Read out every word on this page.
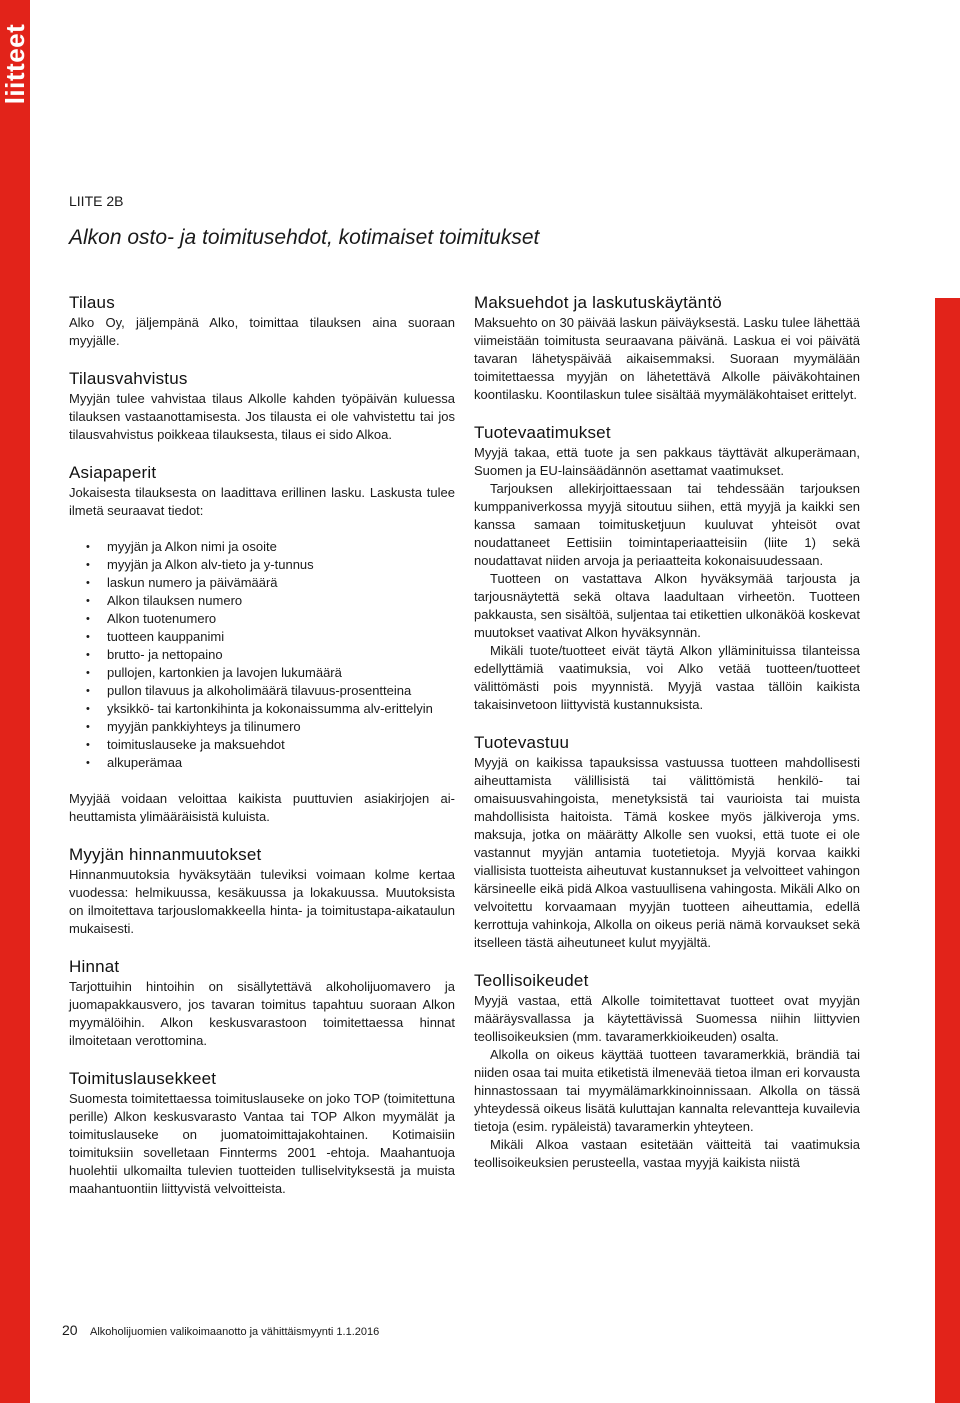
liitteet
LIITE 2B
Alkon osto- ja toimitusehdot, kotimaiset toimitukset
Tilaus

Alko Oy, jäljempänä Alko, toimittaa tilauksen aina suoraan myyjälle.

Tilausvahvistus

Myyjän tulee vahvistaa tilaus Alkolle kahden työpäivän kuluessa tilauksen vastaanottamisesta. Jos tilausta ei ole vahvistettu tai jos tilausvahvistus poikkeaa tilauksesta, tilaus ei sido Alkoa.

Asiapaperit

Jokaisesta tilauksesta on laadittava erillinen lasku. Laskusta tulee ilmetä seuraavat tiedot:

• myyjän ja Alkon nimi ja osoite
• myyjän ja Alkon alv-tieto ja y-tunnus
• laskun numero ja päivämäärä
• Alkon tilauksen numero
• Alkon tuotenumero
• tuotteen kauppanimi
• brutto- ja nettopaino
• pullojen, kartonkien ja lavojen lukumäärä
• pullon tilavuus ja alkoholimäärä tilavuus-prosentteina
• yksikkö- tai kartonkihinta ja kokonaissumma alv-erittelyin
• myyjän pankkiyhteys ja tilinumero
• toimituslauseke ja maksuehdot
• alkuperämaa

Myyjää voidaan veloittaa kaikista puuttuvien asiakirjojen aiheuttamista ylimääräisistä kuluista.

Myyjän hinnanmuutokset

Hinnanmuutoksia hyväksytään tuleviksi voimaan kolme kertaa vuodessa: helmikuussa, kesäkuussa ja lokakuussa. Muutoksista on ilmoitettava tarjouslomakkeella hinta- ja toimitustapa-aikataulun mukaisesti.

Hinnat

Tarjottuihin hintoihin on sisällytettävä alkoholijuomavero ja juomapakkausvero, jos tavaran toimitus tapahtuu suoraan Alkon myymälöihin. Alkon keskusvarastoon toimitettaessa hinnat ilmoitetaan verottomina.

Toimituslausekkeet

Suomesta toimitettaessa toimituslauseke on joko TOP (toimitettuna perille) Alkon keskusvarasto Vantaa tai TOP Alkon myymälät ja toimituslauseke on juomatoimittajakohtainen. Kotimaisiin toimituksiin sovelletaan Finnterms 2001 -ehtoja. Maahantuoja huolehtii ulkomailta tulevien tuotteiden tulliselvityksestä ja muista maahantuontiin liittyvistä velvoitteista.

Maksuehdot ja laskutuskäytäntö

Maksuehto on 30 päivää laskun päiväyksestä. Lasku tulee lähettää viimeistään toimitusta seuraavana päivänä. Laskua ei voi päivätä tavaran lähetyspäivää aikaisemmaksi. Suoraan myymälään toimitettaessa myyjän on lähetettävä Alkolle päiväkohtainen koontilasku. Koontilaskun tulee sisältää myymäläkohtaiset erittelyt.

Tuotevaatimukset

Myyjä takaa, että tuote ja sen pakkaus täyttävät alkuperämaan, Suomen ja EU-lainsäädännön asettamat vaatimukset.

Tarjouksen allekirjoittaessaan tai tehdessään tarjouksen kumppaniverkossa myyjä sitoutuu siihen, että myyjä ja kaikki sen kanssa samaan toimitusketjuun kuuluvat yhteisöt ovat noudattaneet Eettisiin toimintaperiaatteisiin (liite 1) sekä noudattavat niiden arvoja ja periaatteita kokonaisuudessaan.

Tuotteen on vastattava Alkon hyväksymää tarjousta ja tarjousnäytettä sekä oltava laadultaan virheetön. Tuotteen pakkausta, sen sisältöä, suljentaa tai etikettien ulkonäköä koskevat muutokset vaativat Alkon hyväksynnän.

Mikäli tuote/tuotteet eivät täytä Alkon ylläminituissa tilanteissa edellyttämiä vaatimuksia, voi Alko vetää tuotteen/tuotteet välittömästi pois myynnistä. Myyjä vastaa tällöin kaikista takaisinvetoon liittyvistä kustannuksista.

Tuotevastuu

Myyjä on kaikissa tapauksissa vastuussa tuotteen mahdollisesti aiheuttamista välillisistä tai välittömistä henkilö- tai omaisuusvahingoista, menetyksistä tai vaurioista tai muista mahdollisista haitoista. Tämä koskee myös jälkiveroja yms. maksuja, jotka on määrätty Alkolle sen vuoksi, että tuote ei ole vastannut myyjän antamia tuotetietoja. Myyjä korvaa kaikki viallisista tuotteista aiheutuvat kustannukset ja velvoitteet vahingon kärsineelle eikä pidä Alkoa vastuullisena vahingosta. Mikäli Alko on velvoitettu korvaamaan myyjän tuotteen aiheuttamia, edellä kerrottuja vahinkoja, Alkolla on oikeus periä nämä korvaukset sekä itselleen tästä aiheutuneet kulut myyjältä.

Teollisoikeudet

Myyjä vastaa, että Alkolle toimitettavat tuotteet ovat myyjän määräysvallassa ja käytettävissä Suomessa niihin liittyvien teollisoikeuksien (mm. tavaramerkkioikeuden) osalta.

Alkolla on oikeus käyttää tuotteen tavaramerkkiä, brändiä tai niiden osaa tai muita etiketistä ilmenevää tietoa ilman eri korvausta hinnastossaan tai myymälämarkkinoinnissaan. Alkolla on tässä yhteydessä oikeus lisätä kuluttajan kannalta relevantteja kuvailevia tietoja (esim. rypäleistä) tavaramerkin yhteyteen.

Mikäli Alkoa vastaan esitetään väitteitä tai vaatimuksia teollisoikeuksien perusteella, vastaa myyjä kaikista niistä

20 Alkoholijuomien valikoimaanotto ja vähittäismyynti 1.1.2016
